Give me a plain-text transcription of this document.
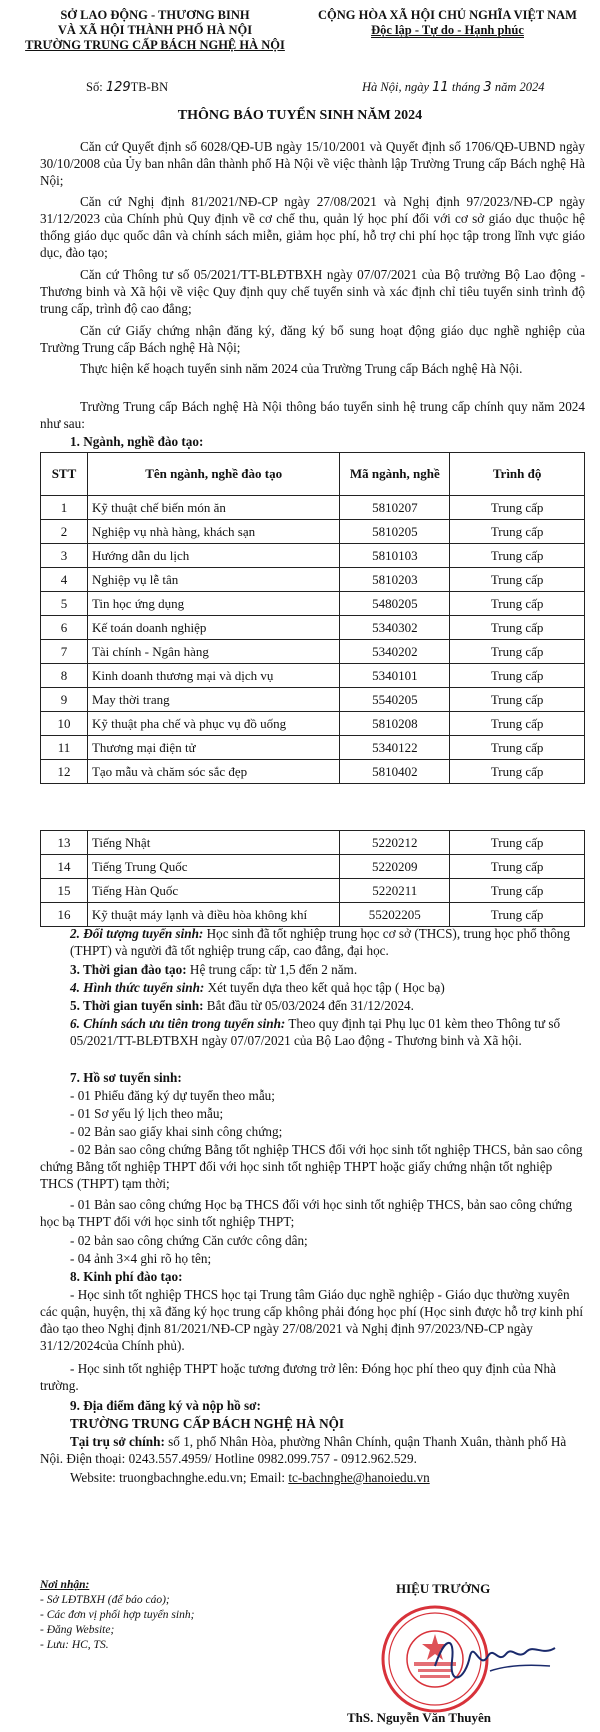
SỞ LAO ĐỘNG - THƯƠNG BINH
VÀ XÃ HỘI THÀNH PHỐ HÀ NỘI
TRƯỜNG TRUNG CẤP BÁCH NGHỆ HÀ NỘI
CỘNG HÒA XÃ HỘI CHỦ NGHĨA VIỆT NAM
Độc lập - Tự do - Hạnh phúc
Số: 129TB-BN	Hà Nội, ngày 11 tháng 3 năm 2024
THÔNG BÁO TUYỂN SINH NĂM 2024
Căn cứ Quyết định số 6028/QĐ-UB ngày 15/10/2001 và Quyết định số 1706/QĐ-UBND ngày 30/10/2008 của Ủy ban nhân dân thành phố Hà Nội về việc thành lập Trường Trung cấp Bách nghệ Hà Nội;
Căn cứ Nghị định 81/2021/NĐ-CP ngày 27/08/2021 và Nghị định 97/2023/NĐ-CP ngày 31/12/2023 của Chính phủ Quy định về cơ chế thu, quản lý học phí đối với cơ sở giáo dục thuộc hệ thống giáo dục quốc dân và chính sách miễn, giảm học phí, hỗ trợ chi phí học tập trong lĩnh vực giáo dục, đào tạo;
Căn cứ Thông tư số 05/2021/TT-BLĐTBXH ngày 07/07/2021 của Bộ trưởng Bộ Lao động - Thương binh và Xã hội về việc Quy định quy chế tuyển sinh và xác định chỉ tiêu tuyển sinh trình độ trung cấp, trình độ cao đẳng;
Căn cứ Giấy chứng nhận đăng ký, đăng ký bổ sung hoạt động giáo dục nghề nghiệp của Trường Trung cấp Bách nghệ Hà Nội;
Thực hiện kế hoạch tuyển sinh năm 2024 của Trường Trung cấp Bách nghệ Hà Nội.
Trường Trung cấp Bách nghệ Hà Nội thông báo tuyển sinh hệ trung cấp chính quy năm 2024 như sau:
1. Ngành, nghề đào tạo:
STT	Tên ngành, nghề đào tạo	Mã ngành, nghề	Trình độ
1	Kỹ thuật chế biến món ăn	5810207	Trung cấp
2	Nghiệp vụ nhà hàng, khách sạn	5810205	Trung cấp
3	Hướng dẫn du lịch	5810103	Trung cấp
4	Nghiệp vụ lễ tân	5810203	Trung cấp
5	Tin học ứng dụng	5480205	Trung cấp
6	Kế toán doanh nghiệp	5340302	Trung cấp
7	Tài chính - Ngân hàng	5340202	Trung cấp
8	Kinh doanh thương mại và dịch vụ	5340101	Trung cấp
9	May thời trang	5540205	Trung cấp
10	Kỹ thuật pha chế và phục vụ đồ uống	5810208	Trung cấp
11	Thương mại điện tử	5340122	Trung cấp
12	Tạo mẫu và chăm sóc sắc đẹp	5810402	Trung cấp
13	Tiếng Nhật	5220212	Trung cấp
14	Tiếng Trung Quốc	5220209	Trung cấp
15	Tiếng Hàn Quốc	5220211	Trung cấp
16	Kỹ thuật máy lạnh và điều hòa không khí	55202205	Trung cấp
2. Đối tượng tuyển sinh: Học sinh đã tốt nghiệp trung học cơ sở (THCS), trung học phổ thông (THPT) và người đã tốt nghiệp trung cấp, cao đẳng, đại học.
3. Thời gian đào tạo: Hệ trung cấp: từ 1,5 đến 2 năm.
4. Hình thức tuyển sinh: Xét tuyển dựa theo kết quả học tập ( Học bạ)
5. Thời gian tuyển sinh: Bắt đầu từ 05/03/2024 đến 31/12/2024.
6. Chính sách ưu tiên trong tuyển sinh: Theo quy định tại Phụ lục 01 kèm theo Thông tư số 05/2021/TT-BLĐTBXH ngày 07/07/2021 của Bộ Lao động - Thương binh và Xã hội.
7. Hồ sơ tuyển sinh:
- 01 Phiếu đăng ký dự tuyển theo mẫu;
- 01 Sơ yếu lý lịch theo mẫu;
- 02 Bản sao giấy khai sinh công chứng;
- 02 Bản sao công chứng Bằng tốt nghiệp THCS đối với học sinh tốt nghiệp THCS, bản sao công chứng Bằng tốt nghiệp THPT đối với học sinh tốt nghiệp THPT hoặc giấy chứng nhận tốt nghiệp THCS (THPT) tạm thời;
- 01 Bản sao công chứng Học bạ THCS đối với học sinh tốt nghiệp THCS, bản sao công chứng học bạ THPT đối với học sinh tốt nghiệp THPT;
- 02 bản sao công chứng Căn cước công dân;
- 04 ảnh 3×4 ghi rõ họ tên;
8. Kinh phí đào tạo:
- Học sinh tốt nghiệp THCS học tại Trung tâm Giáo dục nghề nghiệp - Giáo dục thường xuyên các quận, huyện, thị xã đăng ký học trung cấp không phải đóng học phí (Học sinh được hỗ trợ kinh phí đào tạo theo Nghị định 81/2021/NĐ-CP ngày 27/08/2021 và Nghị định 97/2023/NĐ-CP ngày 31/12/2024của Chính phủ).
- Học sinh tốt nghiệp THPT hoặc tương đương trở lên: Đóng học phí theo quy định của Nhà trường.
9. Địa điểm đăng ký và nộp hồ sơ:
TRƯỜNG TRUNG CẤP BÁCH NGHỆ HÀ NỘI
Tại trụ sở chính: số 1, phố Nhân Hòa, phường Nhân Chính, quận Thanh Xuân, thành phố Hà Nội. Điện thoại: 0243.557.4959/ Hotline 0982.099.757 - 0912.962.529.
Website: truongbachnghe.edu.vn; Email: tc-bachnghe@hanoiedu.vn
Nơi nhận:
- Sở LĐTBXH (để báo cáo);
- Các đơn vị phối hợp tuyển sinh;
- Đăng Website;
- Lưu: HC, TS.
HIỆU TRƯỞNG
ThS. Nguyễn Văn Thuyên
